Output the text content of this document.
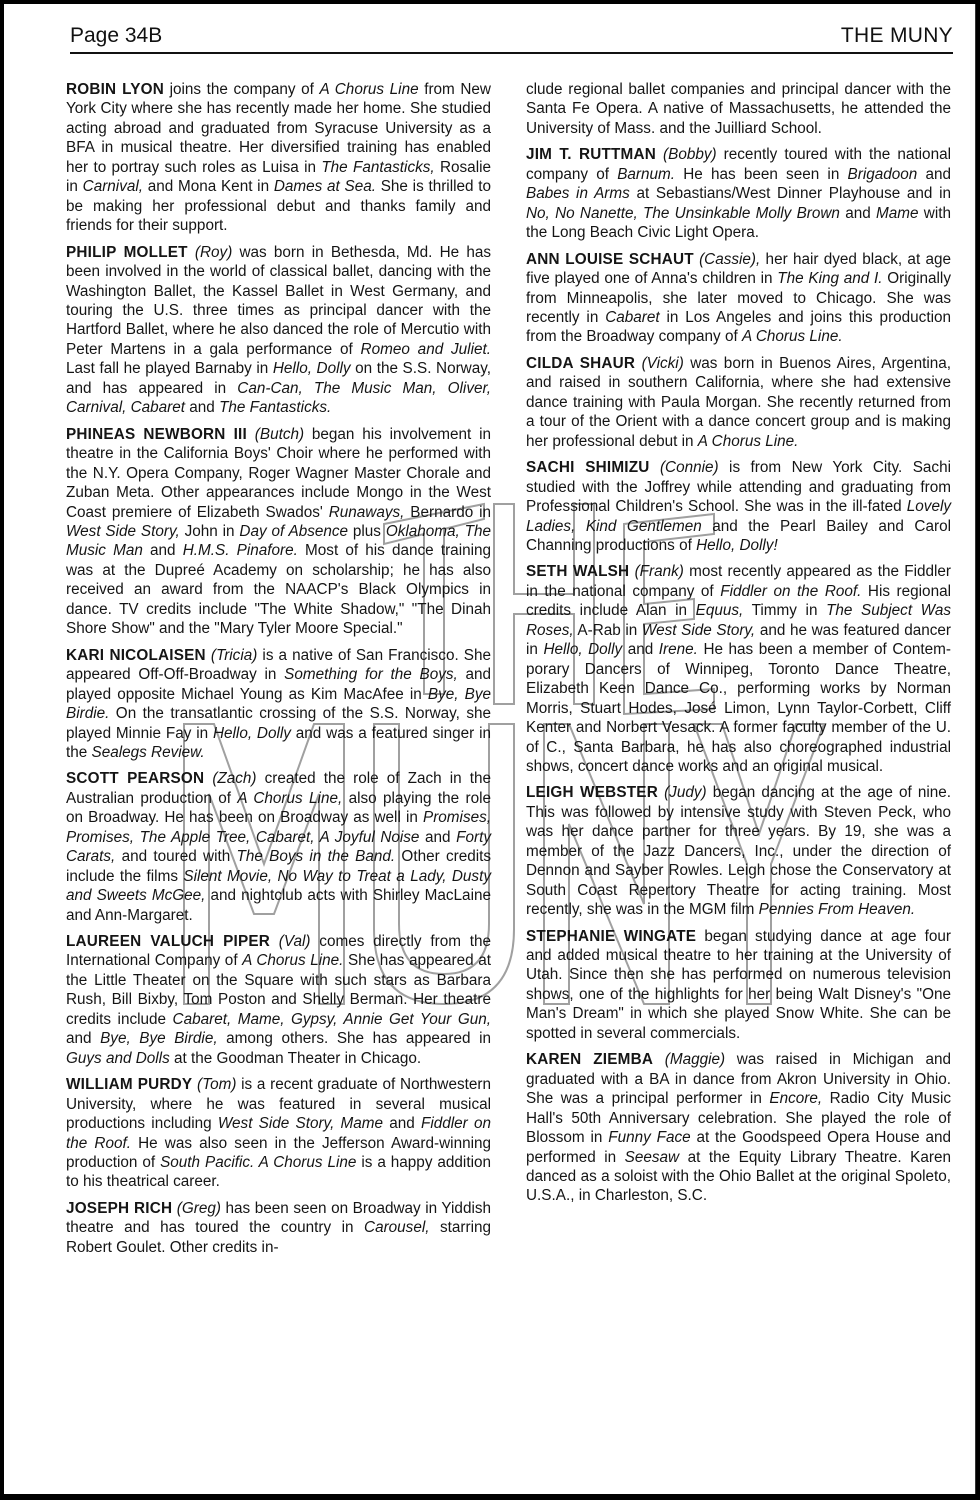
Page 34B	THE MUNY

ROBIN LYON joins the company of A Chorus Line from New York City where she has recently made her home. She studied acting abroad and graduated from Syracuse University as a BFA in musical theatre. Her diversified training has enabled her to portray such roles as Luisa in The Fantasticks, Rosalie in Carnival, and Mona Kent in Dames at Sea. She is thrilled to be making her professional debut and thanks family and friends for their support.

PHILIP MOLLET (Roy) was born in Bethesda, Md. He has been involved in the world of classical ballet, dancing with the Washington Ballet, the Kassel Ballet in West Germany, and touring the U.S. three times as principal dancer with the Hartford Ballet, where he also danced the role of Mercutio with Peter Martens in a gala performance of Romeo and Juliet. Last fall he played Barnaby in Hello, Dolly on the S.S. Norway, and has appeared in Can-Can, The Music Man, Oliver, Carnival, Cabaret and The Fantasticks.

PHINEAS NEWBORN III (Butch) began his involvement in theatre in the California Boys' Choir where he performed with the N.Y. Opera Company, Roger Wagner Master Chorale and Zuban Meta. Other appearances include Mongo in the West Coast premiere of Elizabeth Swados' Runaways, Bernardo in West Side Story, John in Day of Absence plus Oklahoma, The Music Man and H.M.S. Pinafore. Most of his dance training was at the Dupreé Academy on scholarship; he has also received an award from the NAACP's Black Olympics in dance. TV credits include "The White Shadow," "The Dinah Shore Show" and the "Mary Tyler Moore Special."

KARI NICOLAISEN (Tricia) is a native of San Francisco. She appeared Off-Off-Broadway in Something for the Boys, and played opposite Michael Young as Kim MacAfee in Bye, Bye Birdie. On the transatlantic crossing of the S.S. Norway, she played Minnie Fay in Hello, Dolly and was a featured singer in the Sealegs Review.

SCOTT PEARSON (Zach) created the role of Zach in the Australian production of A Chorus Line, also playing the role on Broadway. He has been on Broadway as well in Promises, Promises, The Apple Tree, Cabaret, A Joyful Noise and Forty Carats, and toured with The Boys in the Band. Other credits include the films Silent Movie, No Way to Treat a Lady, Dusty and Sweets McGee, and nightclub acts with Shirley MacLaine and Ann-Margaret.

LAUREEN VALUCH PIPER (Val) comes directly from the International Company of A Chorus Line. She has appeared at the Little Theater on the Square with such stars as Barbara Rush, Bill Bixby, Tom Poston and Shelly Berman. Her theatre credits include Cabaret, Mame, Gypsy, Annie Get Your Gun, and Bye, Bye Birdie, among others. She has appeared in Guys and Dolls at the Goodman Theater in Chicago.

WILLIAM PURDY (Tom) is a recent graduate of Northwestern University, where he was featured in several musical productions including West Side Story, Mame and Fiddler on the Roof. He was also seen in the Jefferson Award-winning production of South Pacific. A Chorus Line is a happy addition to his theatrical career.

JOSEPH RICH (Greg) has been seen on Broadway in Yiddish theatre and has toured the country in Carousel, starring Robert Goulet. Other credits in-

clude regional ballet companies and principal dancer with the Santa Fe Opera. A native of Massachusetts, he attended the University of Mass. and the Juilliard School.

JIM T. RUTTMAN (Bobby) recently toured with the national company of Barnum. He has been seen in Brigadoon and Babes in Arms at Sebastians/West Dinner Playhouse and in No, No Nanette, The Unsinkable Molly Brown and Mame with the Long Beach Civic Light Opera.

ANN LOUISE SCHAUT (Cassie), her hair dyed black, at age five played one of Anna's children in The King and I. Originally from Minneapolis, she later moved to Chicago. She was recently in Cabaret in Los Angeles and joins this production from the Broadway company of A Chorus Line.

CILDA SHAUR (Vicki) was born in Buenos Aires, Argentina, and raised in southern California, where she had extensive dance training with Paula Morgan. She recently returned from a tour of the Orient with a dance concert group and is making her professional debut in A Chorus Line.

SACHI SHIMIZU (Connie) is from New York City. Sachi studied with the Joffrey while attending and graduating from Professional Children's School. She was in the ill-fated Lovely Ladies, Kind Gentlemen and the Pearl Bailey and Carol Channing productions of Hello, Dolly!

SETH WALSH (Frank) most recently appeared as the Fiddler in the national company of Fiddler on the Roof. His regional credits include Alan in Equus, Timmy in The Subject Was Roses, A-Rab in West Side Story, and he was featured dancer in Hello, Dolly and Irene. He has been a member of Contemporary Dancers of Winnipeg, Toronto Dance Theatre, Elizabeth Keen Dance Co., performing works by Norman Morris, Stuart Hodes, José Limon, Lynn Taylor-Corbett, Cliff Kenter and Norbert Vesack. A former faculty member of the U. of C., Santa Barbara, he has also choreographed industrial shows, concert dance works and an original musical.

LEIGH WEBSTER (Judy) began dancing at the age of nine. This was followed by intensive study with Steven Peck, who was her dance partner for three years. By 19, she was a member of the Jazz Dancers, Inc., under the direction of Dennon and Sayber Rowles. Leigh chose the Conservatory at South Coast Repertory Theatre for acting training. Most recently, she was in the MGM film Pennies From Heaven.

STEPHANIE WINGATE began studying dance at age four and added musical theatre to her training at the University of Utah. Since then she has performed on numerous television shows, one of the highlights for her being Walt Disney's "One Man's Dream" in which she played Snow White. She can be spotted in several commercials.

KAREN ZIEMBA (Maggie) was raised in Michigan and graduated with a BA in dance from Akron University in Ohio. She was a principal performer in Encore, Radio City Music Hall's 50th Anniversary celebration. She played the role of Blossom in Funny Face at the Goodspeed Opera House and performed in Seesaw at the Equity Library Theatre. Karen danced as a soloist with the Ohio Ballet at the original Spoleto, U.S.A., in Charleston, S.C.
